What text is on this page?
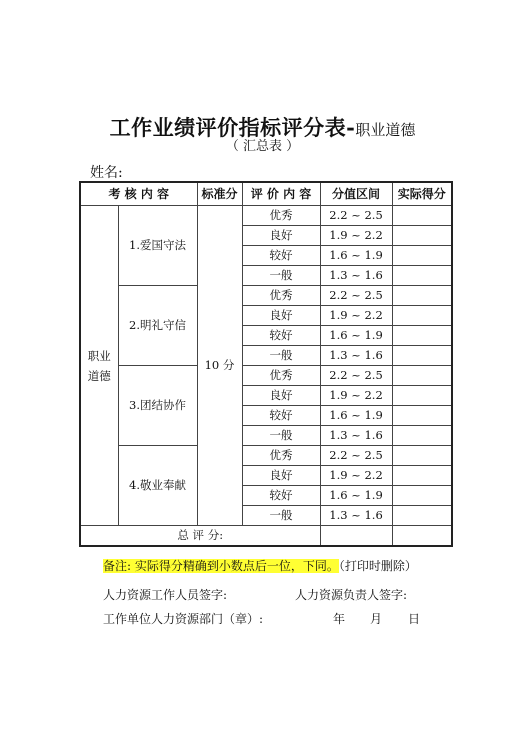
工作业绩评价指标评分表-职业道德
（ 汇总表 ）
姓名:
考 核 内 容		标准分	评 价 内 容	分值区间	实际得分
职业
道德	1.爱国守法	10 分	优秀	2.2 ~ 2.5	
			良好	1.9 ~ 2.2	
			较好	1.6 ~ 1.9	
			一般	1.3 ~ 1.6	
	2.明礼守信		优秀	2.2 ~ 2.5	
			良好	1.9 ~ 2.2	
			较好	1.6 ~ 1.9	
			一般	1.3 ~ 1.6	
	3.团结协作		优秀	2.2 ~ 2.5	
			良好	1.9 ~ 2.2	
			较好	1.6 ~ 1.9	
			一般	1.3 ~ 1.6	
	4.敬业奉献		优秀	2.2 ~ 2.5	
			良好	1.9 ~ 2.2	
			较好	1.6 ~ 1.9	
			一般	1.3 ~ 1.6	
总 评 分:					
备注: 实际得分精确到小数点后一位，下同。（打印时删除）
人力资源工作人员签字:	人力资源负责人签字:
工作单位人力资源部门（章）:	年 月 日
